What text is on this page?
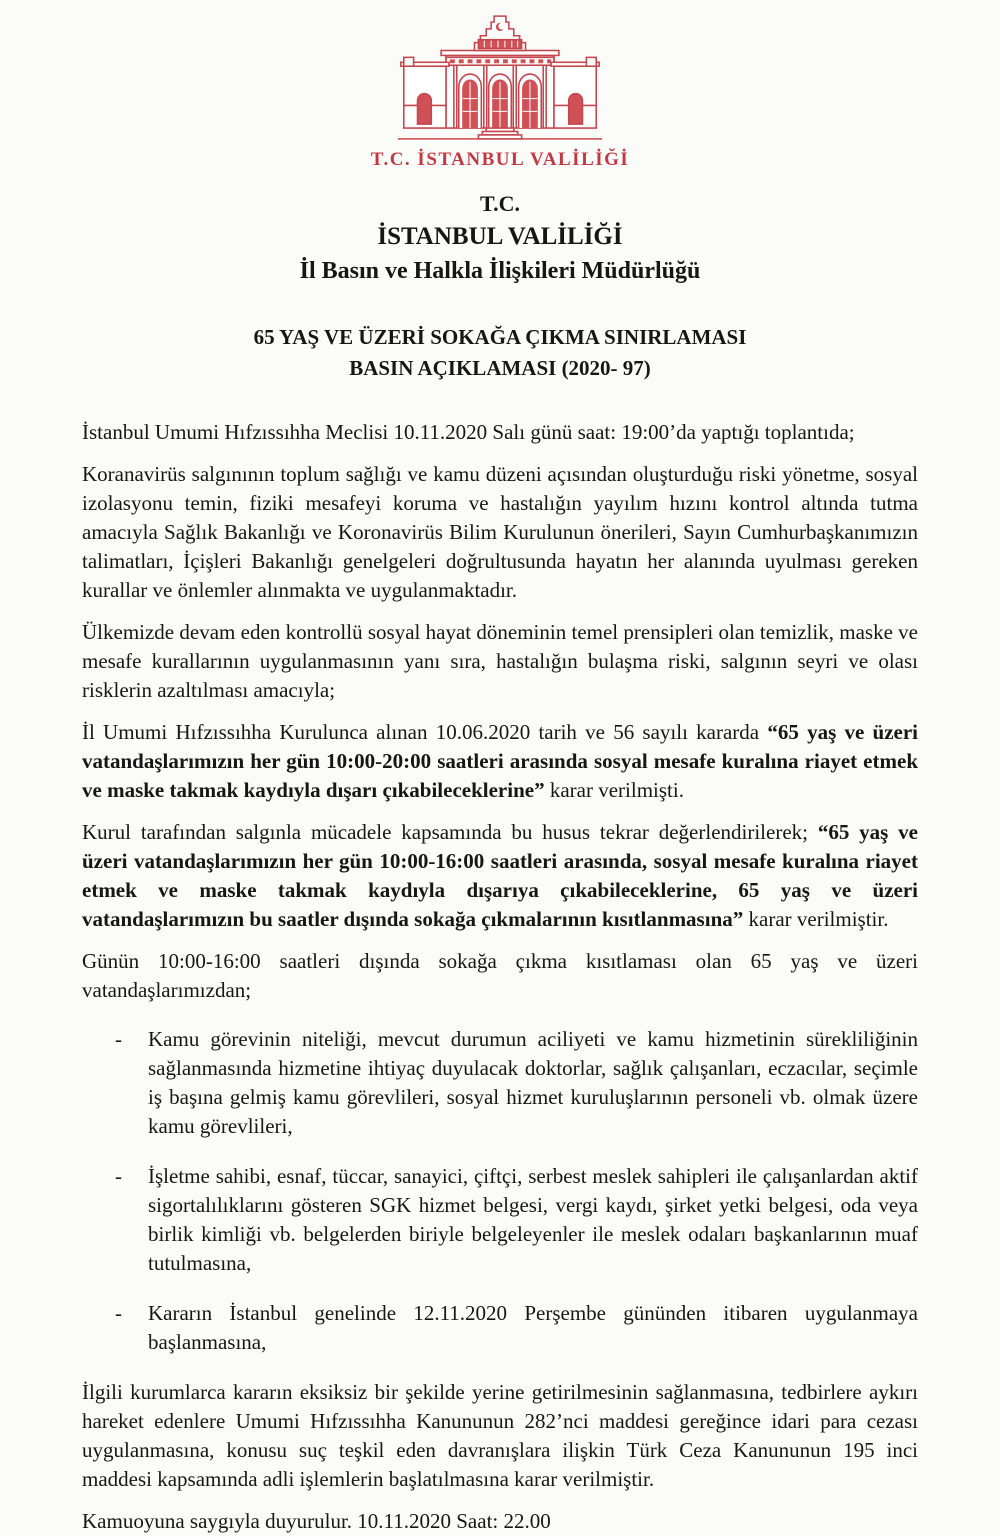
T.C. İSTANBUL VALİLİĞİ
T.C.
İSTANBUL VALİLİĞİ
İl Basın ve Halkla İlişkileri Müdürlüğü
65 YAŞ VE ÜZERİ SOKAĞA ÇIKMA SINIRLAMASI
BASIN AÇIKLAMASI (2020- 97)
İstanbul Umumi Hıfzıssıhha Meclisi 10.11.2020 Salı günü saat: 19:00’da yaptığı toplantıda;
Koranavirüs salgınının toplum sağlığı ve kamu düzeni açısından oluşturduğu riski yönetme, sosyal izolasyonu temin, fiziki mesafeyi koruma ve hastalığın yayılım hızını kontrol altında tutma amacıyla Sağlık Bakanlığı ve Koronavirüs Bilim Kurulunun önerileri, Sayın Cumhurbaşkanımızın talimatları, İçişleri Bakanlığı genelgeleri doğrultusunda hayatın her alanında uyulması gereken kurallar ve önlemler alınmakta ve uygulanmaktadır.
Ülkemizde devam eden kontrollü sosyal hayat döneminin temel prensipleri olan temizlik, maske ve mesafe kurallarının uygulanmasının yanı sıra, hastalığın bulaşma riski, salgının seyri ve olası risklerin azaltılması amacıyla;
İl Umumi Hıfzıssıhha Kurulunca alınan 10.06.2020 tarih ve 56 sayılı kararda “65 yaş ve üzeri vatandaşlarımızın her gün 10:00-20:00 saatleri arasında sosyal mesafe kuralına riayet etmek ve maske takmak kaydıyla dışarı çıkabileceklerine” karar verilmişti.
Kurul tarafından salgınla mücadele kapsamında bu husus tekrar değerlendirilerek; “65 yaş ve üzeri vatandaşlarımızın her gün 10:00-16:00 saatleri arasında, sosyal mesafe kuralına riayet etmek ve maske takmak kaydıyla dışarıya çıkabileceklerine, 65 yaş ve üzeri vatandaşlarımızın bu saatler dışında sokağa çıkmalarının kısıtlanmasına” karar verilmiştir.
Günün 10:00-16:00 saatleri dışında sokağa çıkma kısıtlaması olan 65 yaş ve üzeri vatandaşlarımızdan;
-	Kamu görevinin niteliği, mevcut durumun aciliyeti ve kamu hizmetinin sürekliliğinin sağlanmasında hizmetine ihtiyaç duyulacak doktorlar, sağlık çalışanları, eczacılar, seçimle iş başına gelmiş kamu görevlileri, sosyal hizmet kuruluşlarının personeli vb. olmak üzere kamu görevlileri,
-	İşletme sahibi, esnaf, tüccar, sanayici, çiftçi, serbest meslek sahipleri ile çalışanlardan aktif sigortalılıklarını gösteren SGK hizmet belgesi, vergi kaydı, şirket yetki belgesi, oda veya birlik kimliği vb. belgelerden biriyle belgeleyenler ile meslek odaları başkanlarının muaf tutulmasına,
-	Kararın İstanbul genelinde 12.11.2020 Perşembe gününden itibaren uygulanmaya başlanmasına,
İlgili kurumlarca kararın eksiksiz bir şekilde yerine getirilmesinin sağlanmasına, tedbirlere aykırı hareket edenlere Umumi Hıfzıssıhha Kanununun 282’nci maddesi gereğince idari para cezası uygulanmasına, konusu suç teşkil eden davranışlara ilişkin Türk Ceza Kanununun 195 inci maddesi kapsamında adli işlemlerin başlatılmasına karar verilmiştir.
Kamuoyuna saygıyla duyurulur. 10.11.2020 Saat: 22.00
